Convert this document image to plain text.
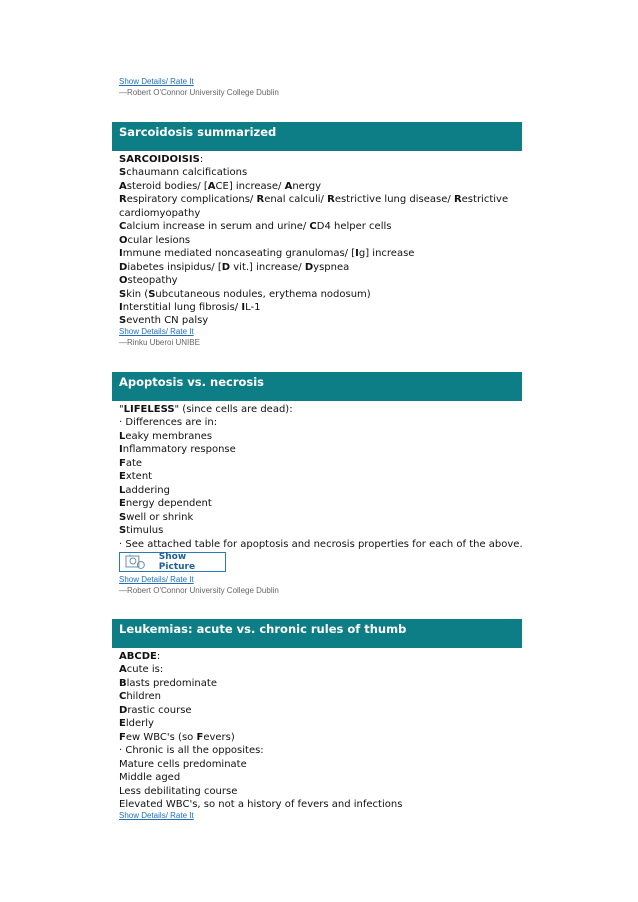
Show Details/ Rate It
—Robert O'Connor University College Dublin
Sarcoidosis summarized
SARCOIDOISIS:
Schaumann calcifications
Asteroid bodies/ [ACE] increase/ Anergy
Respiratory complications/ Renal calculi/ Restrictive lung disease/ Restrictive cardiomyopathy
Calcium increase in serum and urine/ CD4 helper cells
Ocular lesions
Immune mediated noncaseating granulomas/ [Ig] increase
Diabetes insipidus/ [D vit.] increase/ Dyspnea
Osteopathy
Skin (Subcutaneous nodules, erythema nodosum)
Interstitial lung fibrosis/ IL-1
Seventh CN palsy
Show Details/ Rate It
—Rinku Uberoi UNIBE
Apoptosis vs. necrosis
"LIFELESS" (since cells are dead):
· Differences are in:
Leaky membranes
Inflammatory response
Fate
Extent
Laddering
Energy dependent
Swell or shrink
Stimulus
· See attached table for apoptosis and necrosis properties for each of the above.
Show Picture
Show Details/ Rate It
—Robert O'Connor University College Dublin
Leukemias: acute vs. chronic rules of thumb
ABCDE:
Acute is:
Blasts predominate
Children
Drastic course
Elderly
Few WBC's (so Fevers)
· Chronic is all the opposites:
Mature cells predominate
Middle aged
Less debilitating course
Elevated WBC's, so not a history of fevers and infections
Show Details/ Rate It
